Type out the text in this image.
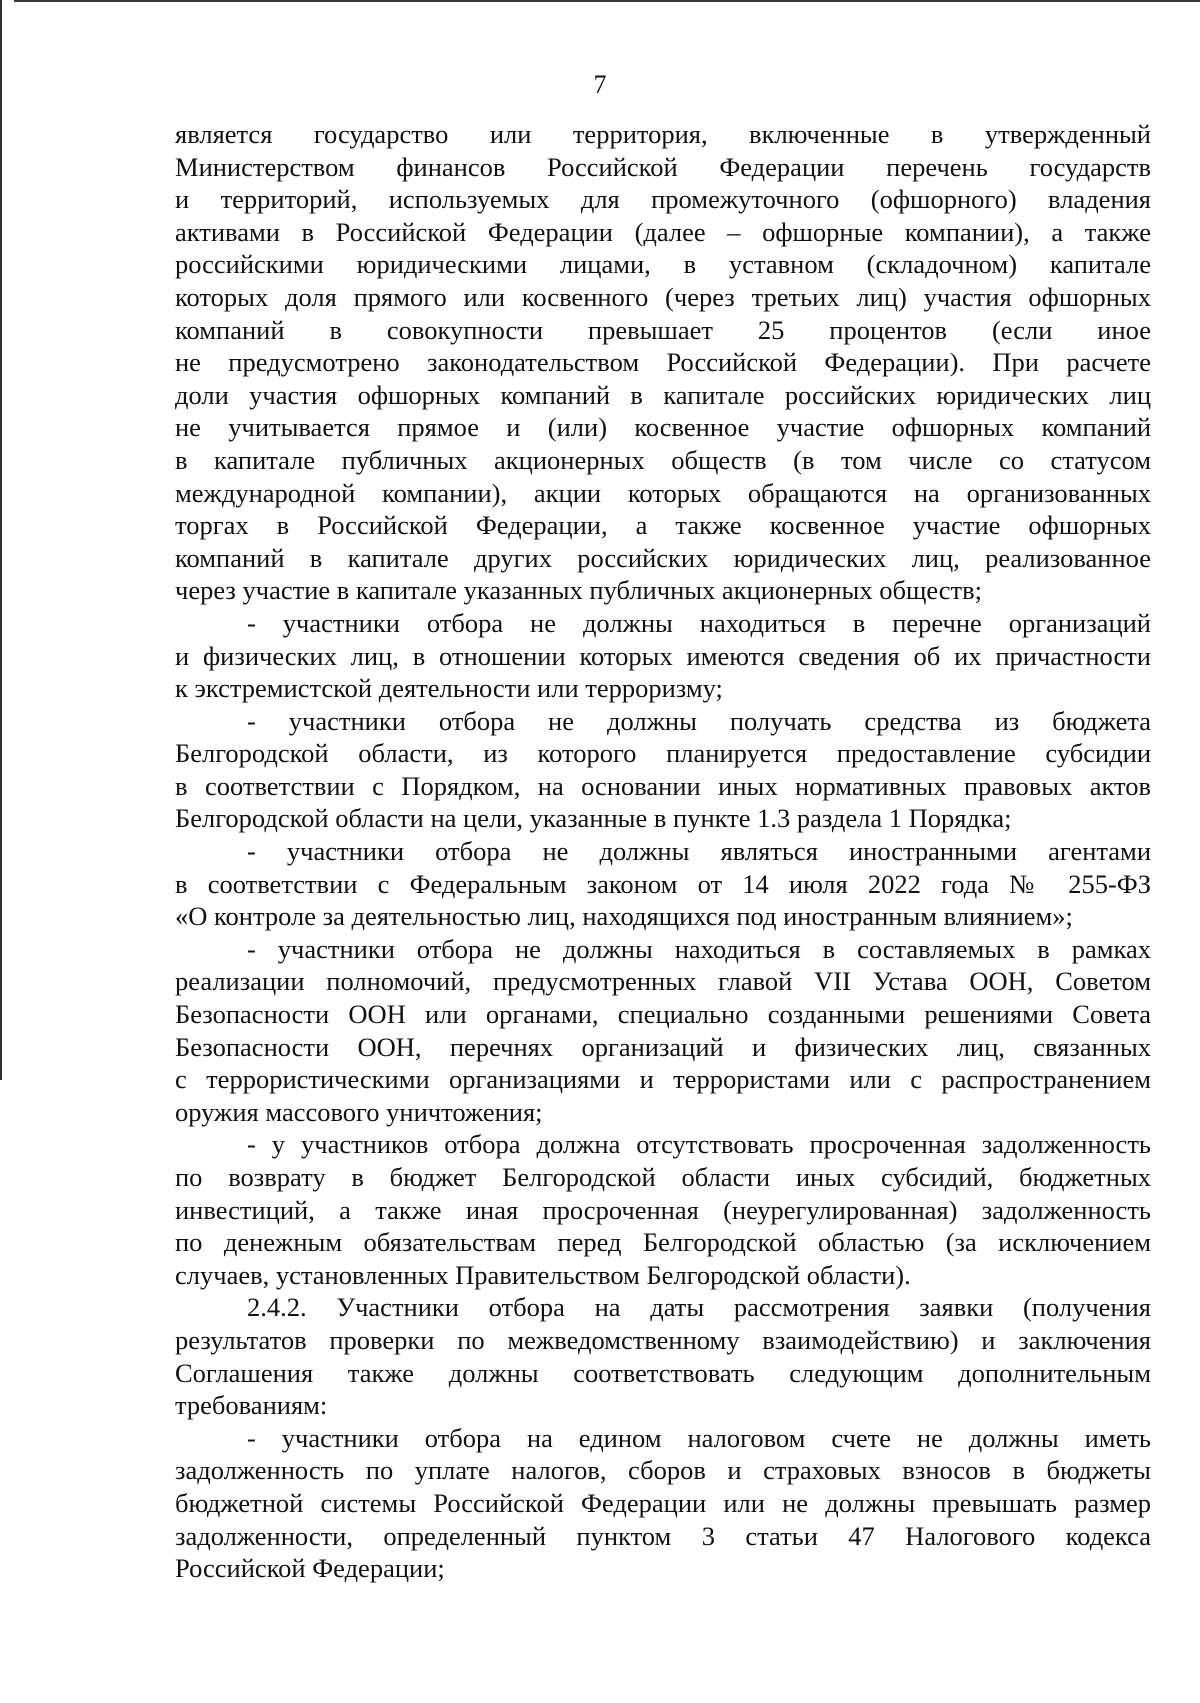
7

является государство или территория, включенные в утвержденный

Министерством финансов Российской Федерации перечень государств

и территорий, используемых для промежуточного (офшорного) владения

активами в Российской Федерации (далее – офшорные компании), а также

российскими юридическими лицами, в уставном (складочном) капитале

которых доля прямого или косвенного (через третьих лиц) участия офшорных

компаний в совокупности превышает 25 процентов (если иное

не предусмотрено законодательством Российской Федерации). При расчете

доли участия офшорных компаний в капитале российских юридических лиц

не учитывается прямое и (или) косвенное участие офшорных компаний

в капитале публичных акционерных обществ (в том числе со статусом

международной компании), акции которых обращаются на организованных

торгах в Российской Федерации, а также косвенное участие офшорных

компаний в капитале других российских юридических лиц, реализованное

через участие в капитале указанных публичных акционерных обществ;

- участники отбора не должны находиться в перечне организаций

и физических лиц, в отношении которых имеются сведения об их причастности

к экстремистской деятельности или терроризму;

- участники отбора не должны получать средства из бюджета

Белгородской области, из которого планируется предоставление субсидии

в соответствии с Порядком, на основании иных нормативных правовых актов

Белгородской области на цели, указанные в пункте 1.3 раздела 1 Порядка;

- участники отбора не должны являться иностранными агентами

в соответствии с Федеральным законом от 14 июля 2022 года № 255-ФЗ

«О контроле за деятельностью лиц, находящихся под иностранным влиянием»;

- участники отбора не должны находиться в составляемых в рамках

реализации полномочий, предусмотренных главой VII Устава ООН, Советом

Безопасности ООН или органами, специально созданными решениями Совета

Безопасности ООН, перечнях организаций и физических лиц, связанных

с террористическими организациями и террористами или с распространением

оружия массового уничтожения;

- у участников отбора должна отсутствовать просроченная задолженность

по возврату в бюджет Белгородской области иных субсидий, бюджетных

инвестиций, а также иная просроченная (неурегулированная) задолженность

по денежным обязательствам перед Белгородской областью (за исключением

случаев, установленных Правительством Белгородской области).

2.4.2. Участники отбора на даты рассмотрения заявки (получения

результатов проверки по межведомственному взаимодействию) и заключения

Соглашения также должны соответствовать следующим дополнительным

требованиям:

- участники отбора на едином налоговом счете не должны иметь

задолженность по уплате налогов, сборов и страховых взносов в бюджеты

бюджетной системы Российской Федерации или не должны превышать размер

задолженности, определенный пунктом 3 статьи 47 Налогового кодекса

Российской Федерации;
